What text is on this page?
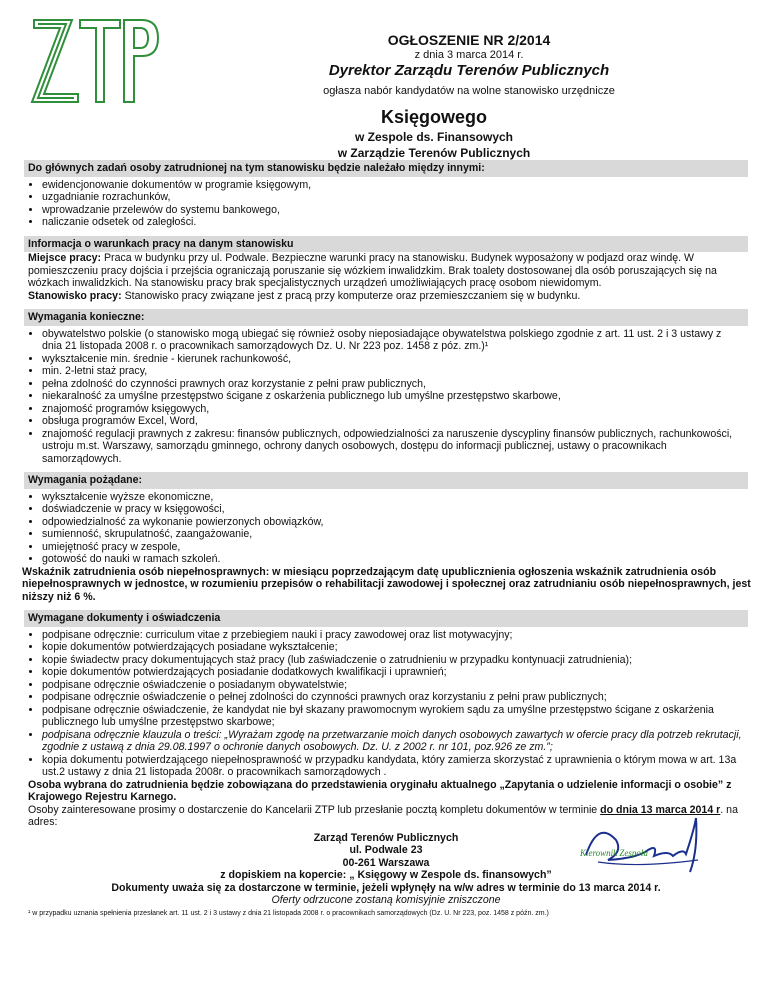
ZTP
OGŁOSZENIE NR 2/2014
z dnia 3 marca 2014 r.
Dyrektor Zarządu Terenów Publicznych
ogłasza nabór kandydatów na wolne stanowisko urzędnicze
Księgowego
w Zespole ds. Finansowych
w Zarządzie Terenów Publicznych
Do głównych zadań osoby zatrudnionej na tym stanowisku będzie należało między innymi:
• ewidencjonowanie dokumentów w programie księgowym,
• uzgadnianie rozrachunków,
• wprowadzanie przelewów do systemu bankowego,
• naliczanie odsetek od zaległości.
Informacja o warunkach pracy na danym stanowisku

Miejsce pracy: Praca w budynku przy ul. Podwale. Bezpieczne warunki pracy na stanowisku. Budynek wyposażony w podjazd oraz windę. W pomieszczeniu pracy dojścia i przejścia ograniczają poruszanie się wózkiem inwalidzkim. Brak toalety dostosowanej dla osób poruszających się na wózkach inwalidzkich. Na stanowisku pracy brak specjalistycznych urządzeń umożliwiających pracę osobom niewidomym.

Stanowisko pracy: Stanowisko pracy związane jest z pracą przy komputerze oraz przemieszczaniem się w budynku.

Wymagania konieczne:
• obywatelstwo polskie (o stanowisko mogą ubiegać się również osoby nieposiadające obywatelstwa polskiego zgodnie z art. 11 ust. 2 i 3 ustawy z dnia 21 listopada 2008 r. o pracownikach samorządowych Dz. U. Nr 223 poz. 1458 z póz. zm.)¹
• wykształcenie min. średnie - kierunek rachunkowość,
• min. 2-letni staż pracy,
• pełna zdolność do czynności prawnych oraz korzystanie z pełni praw publicznych,
• niekaralność za umyślne przestępstwo ścigane z oskarżenia publicznego lub umyślne przestępstwo skarbowe,
• znajomość programów księgowych,
• obsługa programów Excel, Word,
• znajomość regulacji prawnych z zakresu: finansów publicznych, odpowiedzialności za naruszenie dyscypliny finansów publicznych, rachunkowości, ustroju m.st. Warszawy, samorządu gminnego, ochrony danych osobowych, dostępu do informacji publicznej, ustawy o pracownikach samorządowych.
Wymagania pożądane:
• wykształcenie wyższe ekonomiczne,
• doświadczenie w pracy w księgowości,
• odpowiedzialność za wykonanie powierzonych obowiązków,
• sumienność, skrupulatność, zaangażowanie,
• umiejętność pracy w zespole,
• gotowość do nauki w ramach szkoleń.

Wskaźnik zatrudnienia osób niepełnosprawnych: w miesiącu poprzedzającym datę upublicznienia ogłoszenia wskaźnik zatrudnienia osób niepełnosprawnych w jednostce, w rozumieniu przepisów o rehabilitacji zawodowej i społecznej oraz zatrudnianiu osób niepełnosprawnych, jest niższy niż 6 %.

Wymagane dokumenty i oświadczenia
• podpisane odręcznie: curriculum vitae z przebiegiem nauki i pracy zawodowej oraz list motywacyjny;
• kopie dokumentów potwierdzających posiadane wykształcenie;
• kopie świadectw pracy dokumentujących staż pracy (lub zaświadczenie o zatrudnieniu w przypadku kontynuacji zatrudnienia);
• kopie dokumentów potwierdzających posiadanie dodatkowych kwalifikacji i uprawnień;
• podpisane odręcznie oświadczenie o posiadanym obywatelstwie;
• podpisane odręcznie oświadczenie o pełnej zdolności do czynności prawnych oraz korzystaniu z pełni praw publicznych;
• podpisane odręcznie oświadczenie, że kandydat nie był skazany prawomocnym wyrokiem sądu za umyślne przestępstwo ścigane z oskarżenia publicznego lub umyślne przestępstwo skarbowe;
• podpisana odręcznie klauzula o treści: „Wyrażam zgodę na przetwarzanie moich danych osobowych zawartych w ofercie pracy dla potrzeb rekrutacji, zgodnie z ustawą z dnia 29.08.1997 o ochronie danych osobowych. Dz. U. z 2002 r. nr 101, poz.926 ze zm.”;
• kopia dokumentu potwierdzającego niepełnosprawność w przypadku kandydata, który zamierza skorzystać z uprawnienia o którym mowa w art. 13a ust.2 ustawy z dnia 21 listopada 2008r. o pracownikach samorządowych .

Osoba wybrana do zatrudnienia będzie zobowiązana do przedstawienia oryginału aktualnego „Zapytania o udzielenie informacji o osobie” z Krajowego Rejestru Karnego.

Osoby zainteresowane prosimy o dostarczenie do Kancelarii ZTP lub przesłanie pocztą kompletu dokumentów w terminie do dnia 13 marca 2014 r. na adres:

Zarząd Terenów Publicznych
ul. Podwale 23
00-261 Warszawa
z dopiskiem na kopercie: „ Księgowy w Zespole ds. finansowych”
Dokumenty uważa się za dostarczone w terminie, jeżeli wpłynęły na w/w adres w terminie do 13 marca 2014 r.
Oferty odrzucone zostaną komisyjnie zniszczone
¹ w przypadku uznania spełnienia przesłanek art. 11 ust. 2 i 3 ustawy z dnia 21 listopada 2008 r. o pracownikach samorządowych (Dz. U. Nr 223, poz. 1458 z późn. zm.)
Kierownik Zespołu
